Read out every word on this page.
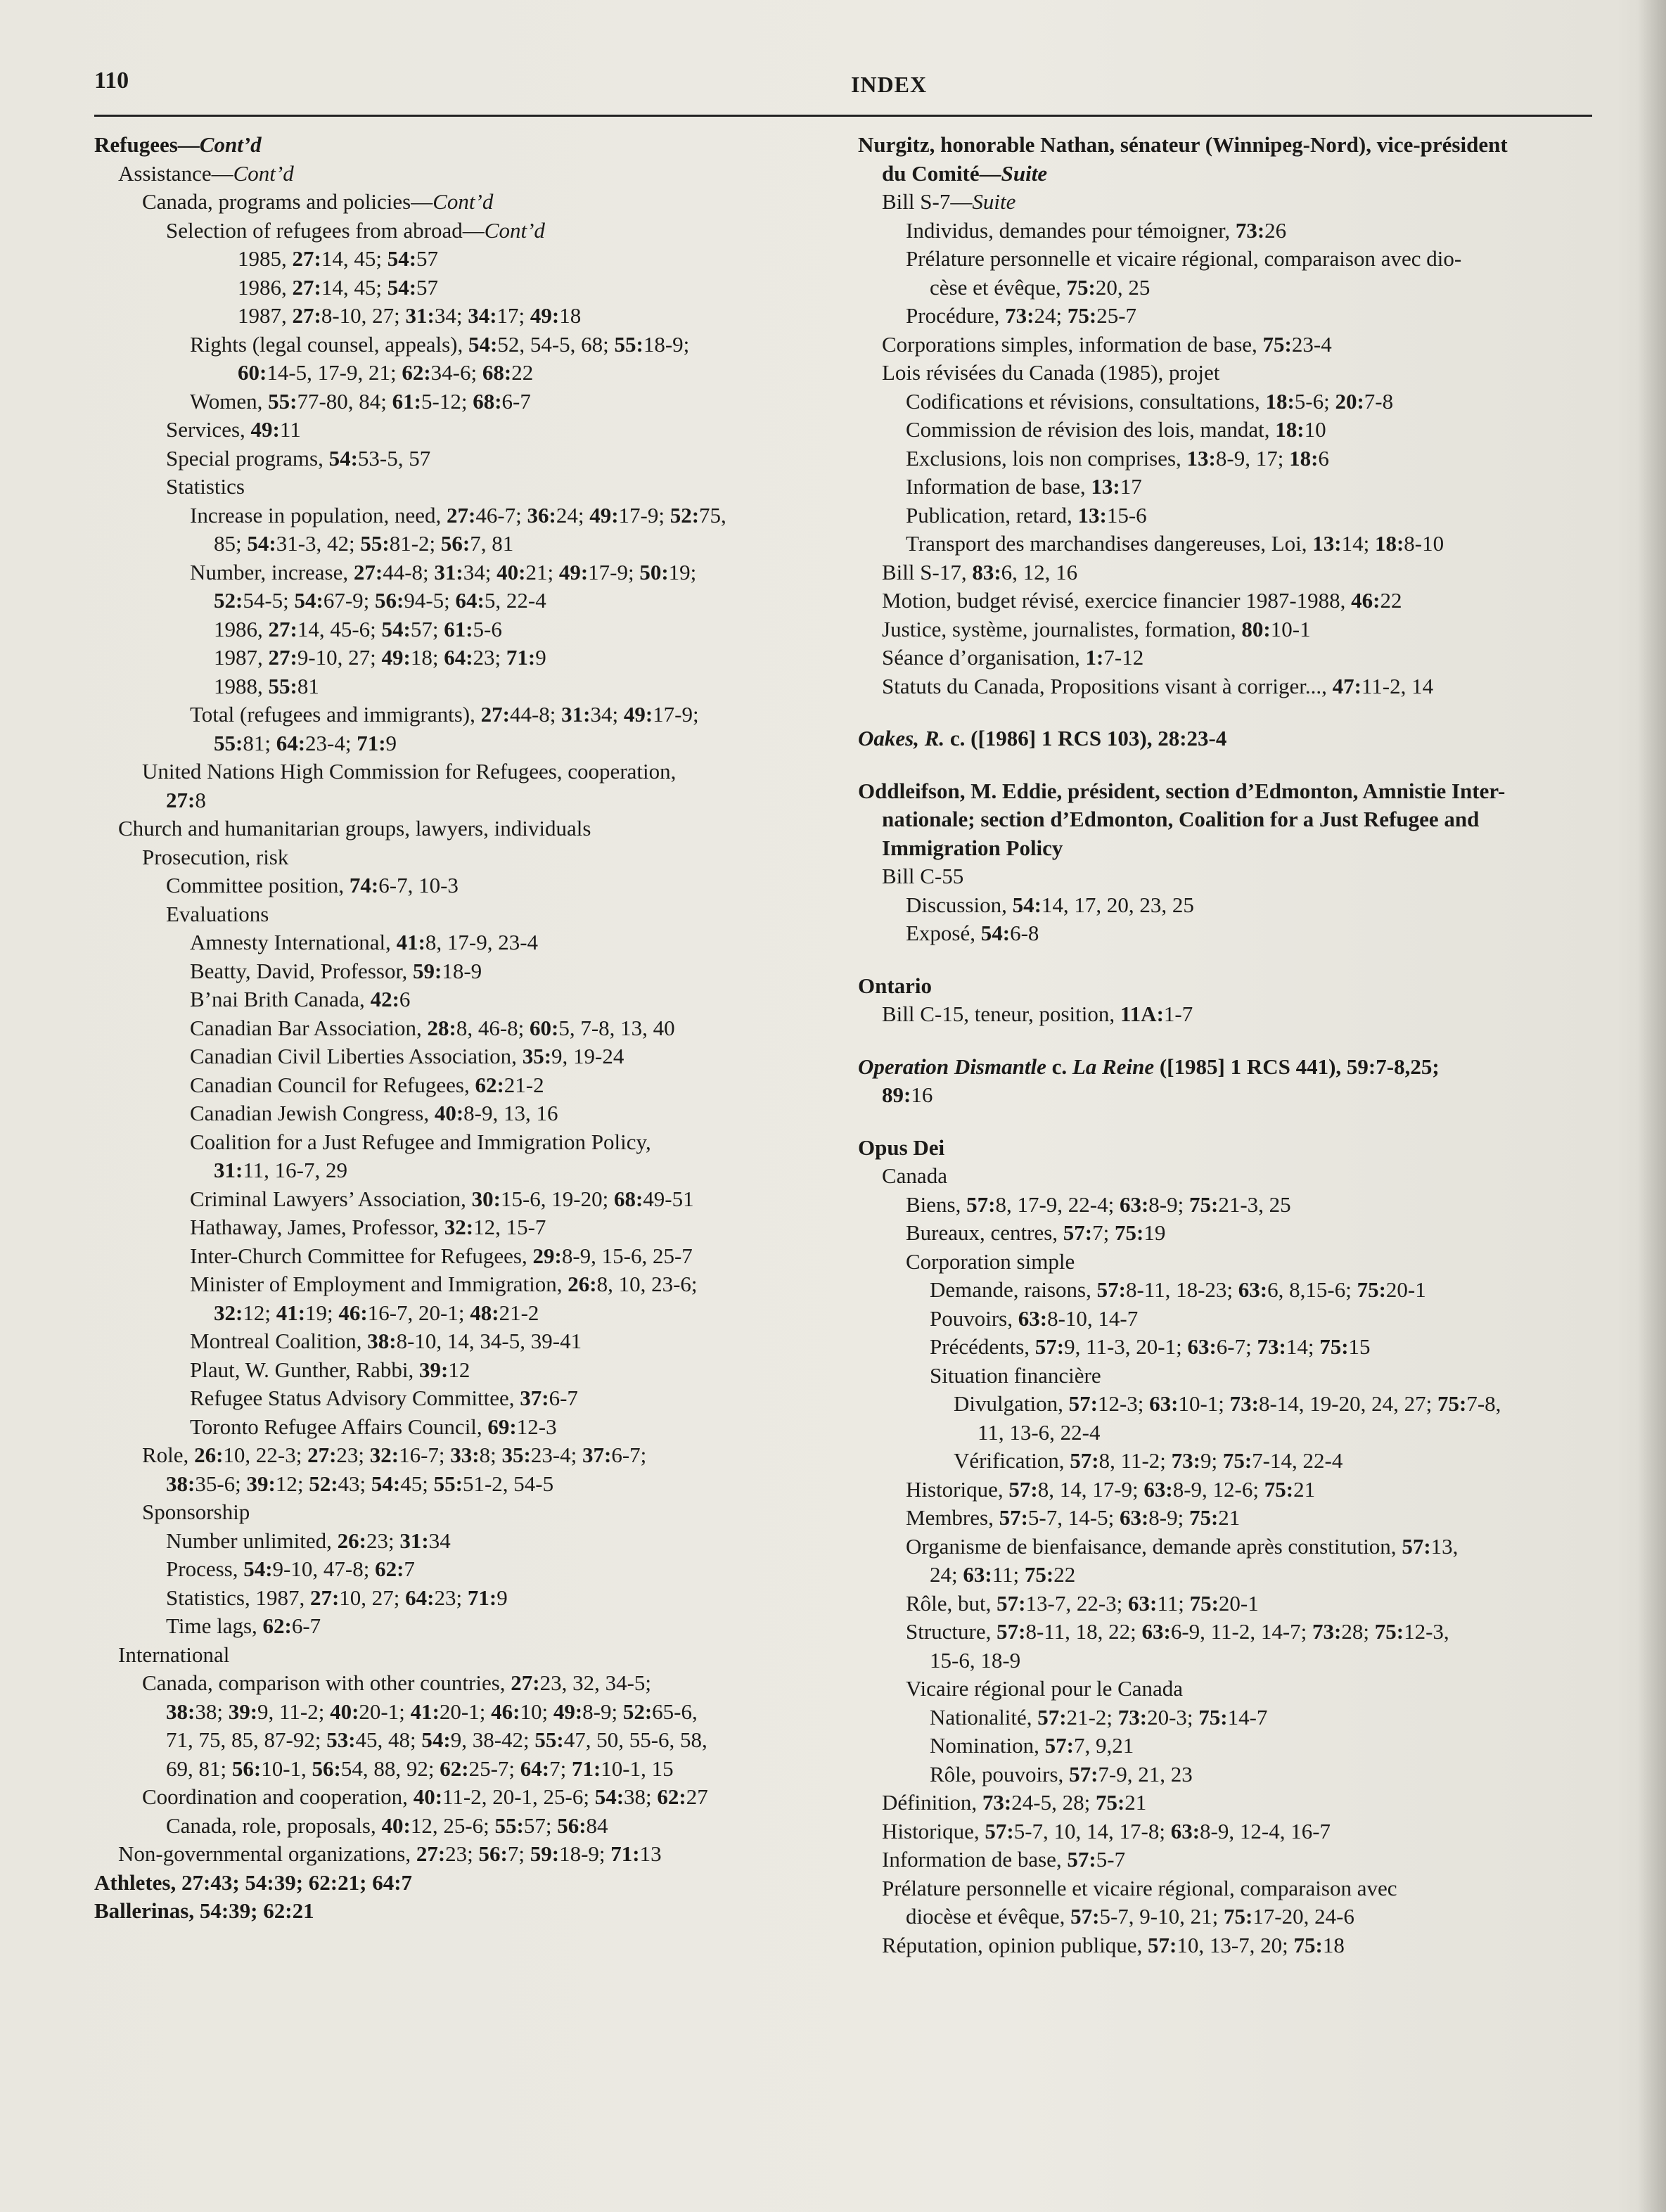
110	INDEX
Refugees—Cont’d
Assistance—Cont’d
Canada, programs and policies—Cont’d
Selection of refugees from abroad—Cont’d
1985, 27:14, 45; 54:57
1986, 27:14, 45; 54:57
1987, 27:8-10, 27; 31:34; 34:17; 49:18
Rights (legal counsel, appeals), 54:52, 54-5, 68; 55:18-9;
60:14-5, 17-9, 21; 62:34-6; 68:22
Women, 55:77-80, 84; 61:5-12; 68:6-7
Services, 49:11
Special programs, 54:53-5, 57
Statistics
Increase in population, need, 27:46-7; 36:24; 49:17-9; 52:75,
85; 54:31-3, 42; 55:81-2; 56:7, 81
Number, increase, 27:44-8; 31:34; 40:21; 49:17-9; 50:19;
52:54-5; 54:67-9; 56:94-5; 64:5, 22-4
1986, 27:14, 45-6; 54:57; 61:5-6
1987, 27:9-10, 27; 49:18; 64:23; 71:9
1988, 55:81
Total (refugees and immigrants), 27:44-8; 31:34; 49:17-9;
55:81; 64:23-4; 71:9
United Nations High Commission for Refugees, cooperation,
27:8
Church and humanitarian groups, lawyers, individuals
Prosecution, risk
Committee position, 74:6-7, 10-3
Evaluations
Amnesty International, 41:8, 17-9, 23-4
Beatty, David, Professor, 59:18-9
B’nai Brith Canada, 42:6
Canadian Bar Association, 28:8, 46-8; 60:5, 7-8, 13, 40
Canadian Civil Liberties Association, 35:9, 19-24
Canadian Council for Refugees, 62:21-2
Canadian Jewish Congress, 40:8-9, 13, 16
Coalition for a Just Refugee and Immigration Policy,
31:11, 16-7, 29
Criminal Lawyers’ Association, 30:15-6, 19-20; 68:49-51
Hathaway, James, Professor, 32:12, 15-7
Inter-Church Committee for Refugees, 29:8-9, 15-6, 25-7
Minister of Employment and Immigration, 26:8, 10, 23-6;
32:12; 41:19; 46:16-7, 20-1; 48:21-2
Montreal Coalition, 38:8-10, 14, 34-5, 39-41
Plaut, W. Gunther, Rabbi, 39:12
Refugee Status Advisory Committee, 37:6-7
Toronto Refugee Affairs Council, 69:12-3
Role, 26:10, 22-3; 27:23; 32:16-7; 33:8; 35:23-4; 37:6-7;
38:35-6; 39:12; 52:43; 54:45; 55:51-2, 54-5
Sponsorship
Number unlimited, 26:23; 31:34
Process, 54:9-10, 47-8; 62:7
Statistics, 1987, 27:10, 27; 64:23; 71:9
Time lags, 62:6-7
International
Canada, comparison with other countries, 27:23, 32, 34-5;
38:38; 39:9, 11-2; 40:20-1; 41:20-1; 46:10; 49:8-9; 52:65-6,
71, 75, 85, 87-92; 53:45, 48; 54:9, 38-42; 55:47, 50, 55-6, 58,
69, 81; 56:10-1, 56:54, 88, 92; 62:25-7; 64:7; 71:10-1, 15
Coordination and cooperation, 40:11-2, 20-1, 25-6; 54:38; 62:27
Canada, role, proposals, 40:12, 25-6; 55:57; 56:84
Non-governmental organizations, 27:23; 56:7; 59:18-9; 71:13
Athletes, 27:43; 54:39; 62:21; 64:7
Ballerinas, 54:39; 62:21
Nurgitz, honorable Nathan, sénateur (Winnipeg-Nord), vice-président
du Comité—Suite
Bill S-7—Suite
Individus, demandes pour témoigner, 73:26
Prélature personnelle et vicaire régional, comparaison avec dio-
cèse et évêque, 75:20, 25
Procédure, 73:24; 75:25-7
Corporations simples, information de base, 75:23-4
Lois révisées du Canada (1985), projet
Codifications et révisions, consultations, 18:5-6; 20:7-8
Commission de révision des lois, mandat, 18:10
Exclusions, lois non comprises, 13:8-9, 17; 18:6
Information de base, 13:17
Publication, retard, 13:15-6
Transport des marchandises dangereuses, Loi, 13:14; 18:8-10
Bill S-17, 83:6, 12, 16
Motion, budget révisé, exercice financier 1987-1988, 46:22
Justice, système, journalistes, formation, 80:10-1
Séance d’organisation, 1:7-12
Statuts du Canada, Propositions visant à corriger..., 47:11-2, 14
Oakes, R. c. ([1986] 1 RCS 103), 28:23-4
Oddleifson, M. Eddie, président, section d’Edmonton, Amnistie Inter-
nationale; section d’Edmonton, Coalition for a Just Refugee and
Immigration Policy
Bill C-55
Discussion, 54:14, 17, 20, 23, 25
Exposé, 54:6-8
Ontario
Bill C-15, teneur, position, 11A:1-7
Operation Dismantle c. La Reine ([1985] 1 RCS 441), 59:7-8,25;
89:16
Opus Dei
Canada
Biens, 57:8, 17-9, 22-4; 63:8-9; 75:21-3, 25
Bureaux, centres, 57:7; 75:19
Corporation simple
Demande, raisons, 57:8-11, 18-23; 63:6, 8,15-6; 75:20-1
Pouvoirs, 63:8-10, 14-7
Précédents, 57:9, 11-3, 20-1; 63:6-7; 73:14; 75:15
Situation financière
Divulgation, 57:12-3; 63:10-1; 73:8-14, 19-20, 24, 27; 75:7-8,
11, 13-6, 22-4
Vérification, 57:8, 11-2; 73:9; 75:7-14, 22-4
Historique, 57:8, 14, 17-9; 63:8-9, 12-6; 75:21
Membres, 57:5-7, 14-5; 63:8-9; 75:21
Organisme de bienfaisance, demande après constitution, 57:13,
24; 63:11; 75:22
Rôle, but, 57:13-7, 22-3; 63:11; 75:20-1
Structure, 57:8-11, 18, 22; 63:6-9, 11-2, 14-7; 73:28; 75:12-3,
15-6, 18-9
Vicaire régional pour le Canada
Nationalité, 57:21-2; 73:20-3; 75:14-7
Nomination, 57:7, 9,21
Rôle, pouvoirs, 57:7-9, 21, 23
Définition, 73:24-5, 28; 75:21
Historique, 57:5-7, 10, 14, 17-8; 63:8-9, 12-4, 16-7
Information de base, 57:5-7
Prélature personnelle et vicaire régional, comparaison avec
diocèse et évêque, 57:5-7, 9-10, 21; 75:17-20, 24-6
Réputation, opinion publique, 57:10, 13-7, 20; 75:18
